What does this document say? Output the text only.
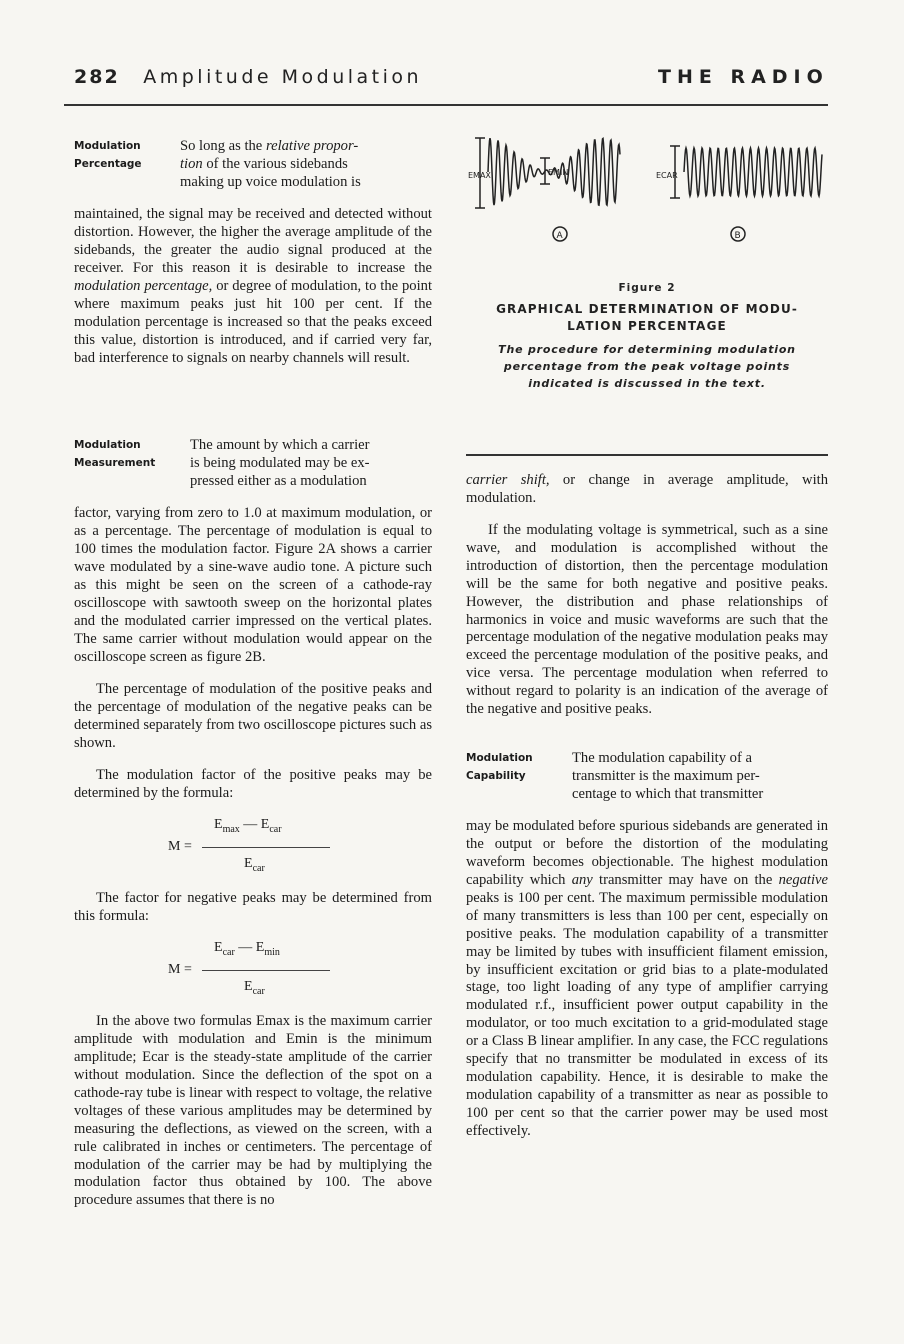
282 Amplitude Modulation	THE RADIO
Modulation
Percentage
So long as the relative propor-
tion of the various sidebands
making up voice modulation is

maintained, the signal may be received and detected without distortion. However, the higher the average amplitude of the sidebands, the greater the audio signal produced at the receiver. For this reason it is desirable to increase the modulation percentage, or degree of modulation, to the point where maximum peaks just hit 100 per cent. If the modulation percentage is increased so that the peaks exceed this value, distortion is introduced, and if carried very far, bad interference to signals on nearby channels will result.

Modulation
Measurement
The amount by which a carrier
is being modulated may be ex-
pressed either as a modulation

factor, varying from zero to 1.0 at maximum modulation, or as a percentage. The percentage of modulation is equal to 100 times the modulation factor. Figure 2A shows a carrier wave modulated by a sine-wave audio tone. A picture such as this might be seen on the screen of a cathode-ray oscilloscope with sawtooth sweep on the horizontal plates and the modulated carrier impressed on the vertical plates. The same carrier without modulation would appear on the oscilloscope screen as figure 2B.

The percentage of modulation of the positive peaks and the percentage of modulation of the negative peaks can be determined separately from two oscilloscope pictures such as shown.

The modulation factor of the positive peaks may be determined by the formula:

M =
$E_{max}$ — $E_{car}$
$E_{car}$

The factor for negative peaks may be determined from this formula:

M =
$E_{car}$ — $E_{min}$
$E_{car}$

In the above two formulas Emax is the maximum carrier amplitude with modulation and Emin is the minimum amplitude; Ecar is the steady-state amplitude of the carrier without modulation. Since the deflection of the spot on a cathode-ray tube is linear with respect to voltage, the relative voltages of these various amplitudes may be determined by measuring the deflections, as viewed on the screen, with a rule calibrated in inches or centimeters. The percentage of modulation of the carrier may be had by multiplying the modulation factor thus obtained by 100. The above procedure assumes that there is no

EMAX	EMIN	ECAR
A	B
Figure 2
GRAPHICAL DETERMINATION OF MODU-
LATION PERCENTAGE
The procedure for determining modulation percentage from the peak voltage points indicated is discussed in the text.

carrier shift, or change in average amplitude, with modulation.

If the modulating voltage is symmetrical, such as a sine wave, and modulation is accomplished without the introduction of distortion, then the percentage modulation will be the same for both negative and positive peaks. However, the distribution and phase relationships of harmonics in voice and music waveforms are such that the percentage modulation of the negative modulation peaks may exceed the percentage modulation of the positive peaks, and vice versa. The percentage modulation when referred to without regard to polarity is an indication of the average of the negative and positive peaks.

Modulation
Capability
The modulation capability of a
transmitter is the maximum per-
centage to which that transmitter

may be modulated before spurious sidebands are generated in the output or before the distortion of the modulating waveform becomes objectionable. The highest modulation capability which any transmitter may have on the negative peaks is 100 per cent. The maximum permissible modulation of many transmitters is less than 100 per cent, especially on positive peaks. The modulation capability of a transmitter may be limited by tubes with insufficient filament emission, by insufficient excitation or grid bias to a plate-modulated stage, too light loading of any type of amplifier carrying modulated r.f., insufficient power output capability in the modulator, or too much excitation to a grid-modulated stage or a Class B linear amplifier. In any case, the FCC regulations specify that no transmitter be modulated in excess of its modulation capability. Hence, it is desirable to make the modulation capability of a transmitter as near as possible to 100 per cent so that the carrier power may be used most effectively.
